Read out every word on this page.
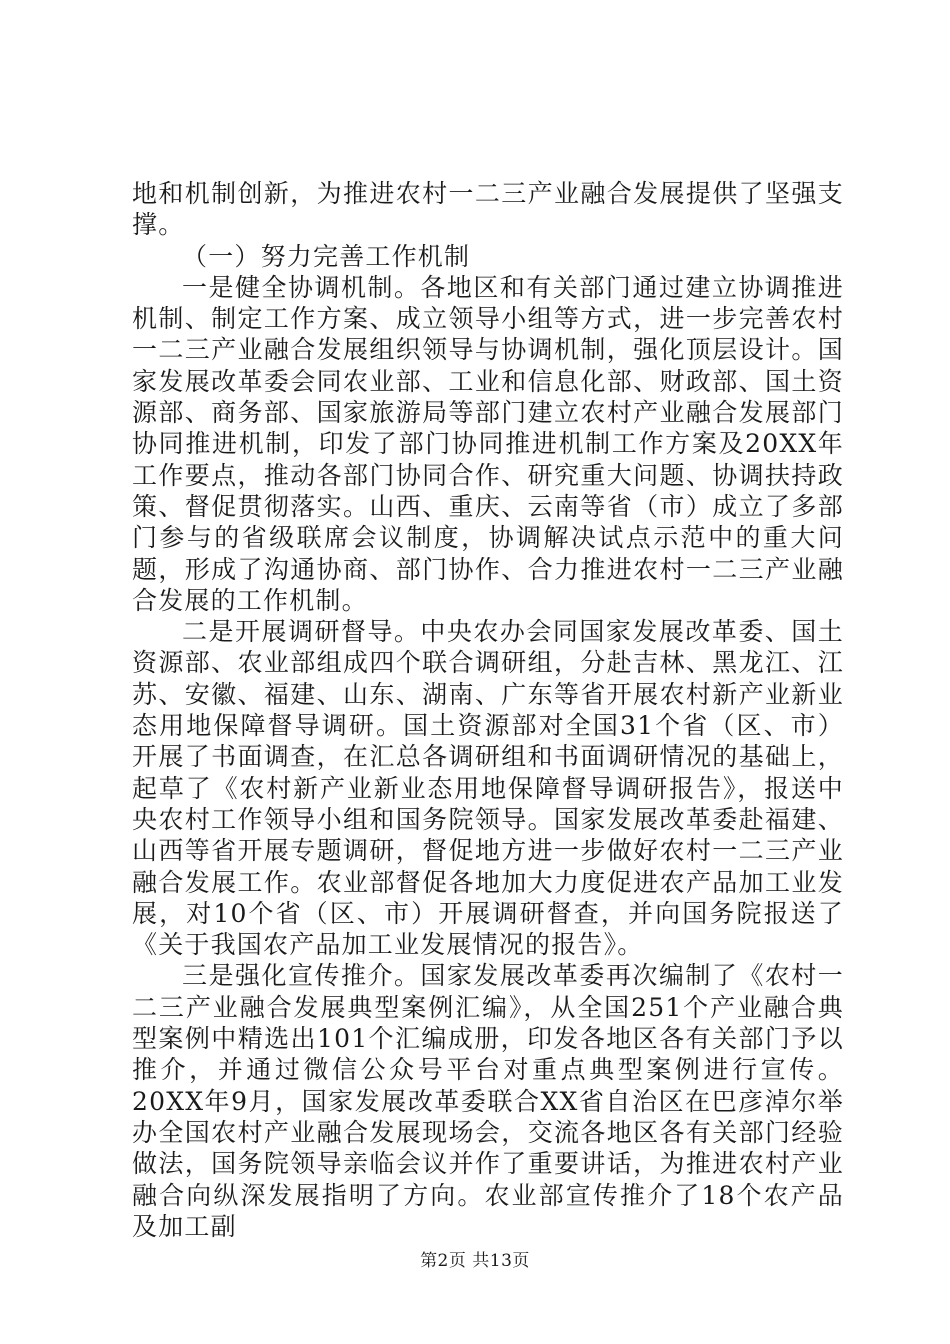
地和机制创新，为推进农村一二三产业融合发展提供了坚强支撑。

（一）努力完善工作机制

一是健全协调机制。各地区和有关部门通过建立协调推进机制、制定工作方案、成立领导小组等方式，进一步完善农村一二三产业融合发展组织领导与协调机制，强化顶层设计。国家发展改革委会同农业部、工业和信息化部、财政部、国土资源部、商务部、国家旅游局等部门建立农村产业融合发展部门协同推进机制，印发了部门协同推进机制工作方案及20XX年工作要点，推动各部门协同合作、研究重大问题、协调扶持政策、督促贯彻落实。山西、重庆、云南等省（市）成立了多部门参与的省级联席会议制度，协调解决试点示范中的重大问题，形成了沟通协商、部门协作、合力推进农村一二三产业融合发展的工作机制。

二是开展调研督导。中央农办会同国家发展改革委、国土资源部、农业部组成四个联合调研组，分赴吉林、黑龙江、江苏、安徽、福建、山东、湖南、广东等省开展农村新产业新业态用地保障督导调研。国土资源部对全国31个省（区、市）开展了书面调查，在汇总各调研组和书面调研情况的基础上，起草了《农村新产业新业态用地保障督导调研报告》，报送中央农村工作领导小组和国务院领导。国家发展改革委赴福建、山西等省开展专题调研，督促地方进一步做好农村一二三产业融合发展工作。农业部督促各地加大力度促进农产品加工业发展，对10个省（区、市）开展调研督查，并向国务院报送了《关于我国农产品加工业发展情况的报告》。

三是强化宣传推介。国家发展改革委再次编制了《农村一二三产业融合发展典型案例汇编》，从全国251个产业融合典型案例中精选出101个汇编成册，印发各地区各有关部门予以推介，并通过微信公众号平台对重点典型案例进行宣传。20XX年9月，国家发展改革委联合XX省自治区在巴彦淖尔举办全国农村产业融合发展现场会，交流各地区各有关部门经验做法，国务院领导亲临会议并作了重要讲话，为推进农村产业融合向纵深发展指明了方向。农业部宣传推介了18个农产品及加工副

第2页 共13页
